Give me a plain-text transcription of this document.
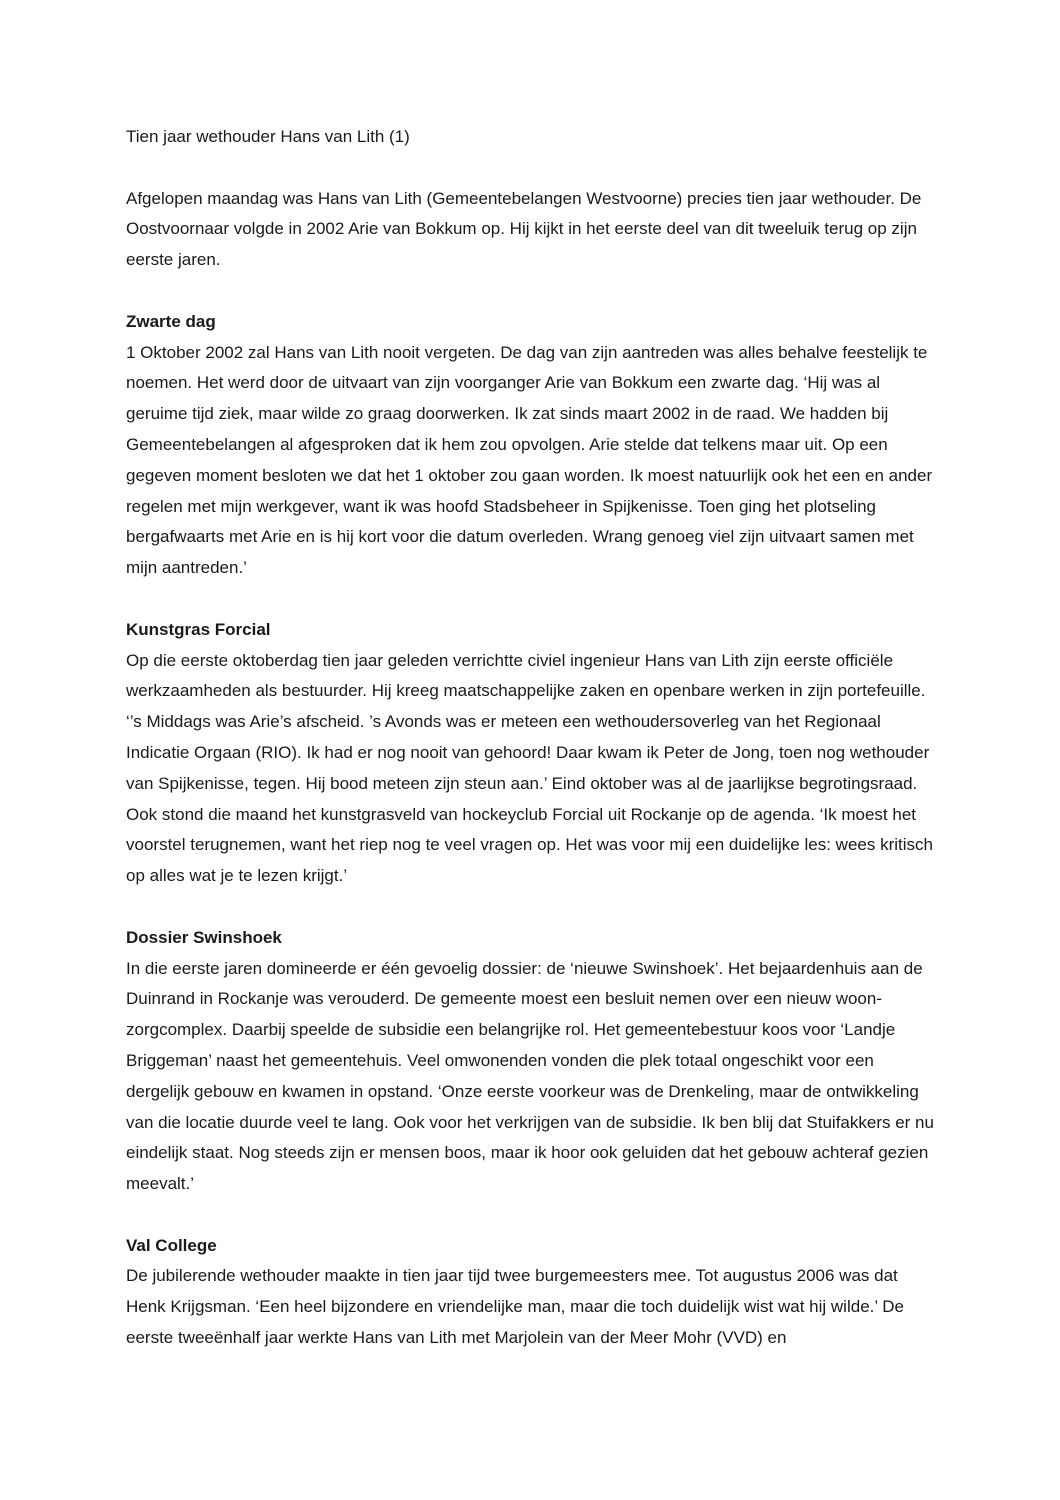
Tien jaar wethouder Hans van Lith (1)

Afgelopen maandag was Hans van Lith (Gemeentebelangen Westvoorne) precies tien jaar wethouder. De Oostvoornaar volgde in 2002 Arie van Bokkum op. Hij kijkt in het eerste deel van dit tweeluik terug op zijn eerste jaren.

Zwarte dag

1 Oktober 2002 zal Hans van Lith nooit vergeten. De dag van zijn aantreden was alles behalve feestelijk te noemen. Het werd door de uitvaart van zijn voorganger Arie van Bokkum een zwarte dag. ‘Hij was al geruime tijd ziek, maar wilde zo graag doorwerken. Ik zat sinds maart 2002 in de raad. We hadden bij Gemeentebelangen al afgesproken dat ik hem zou opvolgen. Arie stelde dat telkens maar uit. Op een gegeven moment besloten we dat het 1 oktober zou gaan worden. Ik moest natuurlijk ook het een en ander regelen met mijn werkgever, want ik was hoofd Stadsbeheer in Spijkenisse. Toen ging het plotseling bergafwaarts met Arie en is hij kort voor die datum overleden. Wrang genoeg viel zijn uitvaart samen met mijn aantreden.’

Kunstgras Forcial

Op die eerste oktoberdag tien jaar geleden verrichtte civiel ingenieur Hans van Lith zijn eerste officiële werkzaamheden als bestuurder. Hij kreeg maatschappelijke zaken en openbare werken in zijn portefeuille. ‘’s Middags was Arie’s afscheid. ’s Avonds was er meteen een wethoudersoverleg van het Regionaal Indicatie Orgaan (RIO). Ik had er nog nooit van gehoord! Daar kwam ik Peter de Jong, toen nog wethouder van Spijkenisse, tegen. Hij bood meteen zijn steun aan.’ Eind oktober was al de jaarlijkse begrotingsraad. Ook stond die maand het kunstgrasveld van hockeyclub Forcial uit Rockanje op de agenda. ‘Ik moest het voorstel terugnemen, want het riep nog te veel vragen op. Het was voor mij een duidelijke les: wees kritisch op alles wat je te lezen krijgt.’

Dossier Swinshoek

In die eerste jaren domineerde er één gevoelig dossier: de ‘nieuwe Swinshoek’. Het bejaardenhuis aan de Duinrand in Rockanje was verouderd. De gemeente moest een besluit nemen over een nieuw woon-zorgcomplex. Daarbij speelde de subsidie een belangrijke rol. Het gemeentebestuur koos voor ‘Landje Briggeman’ naast het gemeentehuis. Veel omwonenden vonden die plek totaal ongeschikt voor een dergelijk gebouw en kwamen in opstand. ‘Onze eerste voorkeur was de Drenkeling, maar de ontwikkeling van die locatie duurde veel te lang. Ook voor het verkrijgen van de subsidie. Ik ben blij dat Stuifakkers er nu eindelijk staat. Nog steeds zijn er mensen boos, maar ik hoor ook geluiden dat het gebouw achteraf gezien meevalt.’

Val College

De jubilerende wethouder maakte in tien jaar tijd twee burgemeesters mee. Tot augustus 2006 was dat Henk Krijgsman. ‘Een heel bijzondere en vriendelijke man, maar die toch duidelijk wist wat hij wilde.’ De eerste tweeënhalf jaar werkte Hans van Lith met Marjolein van der Meer Mohr (VVD) en
